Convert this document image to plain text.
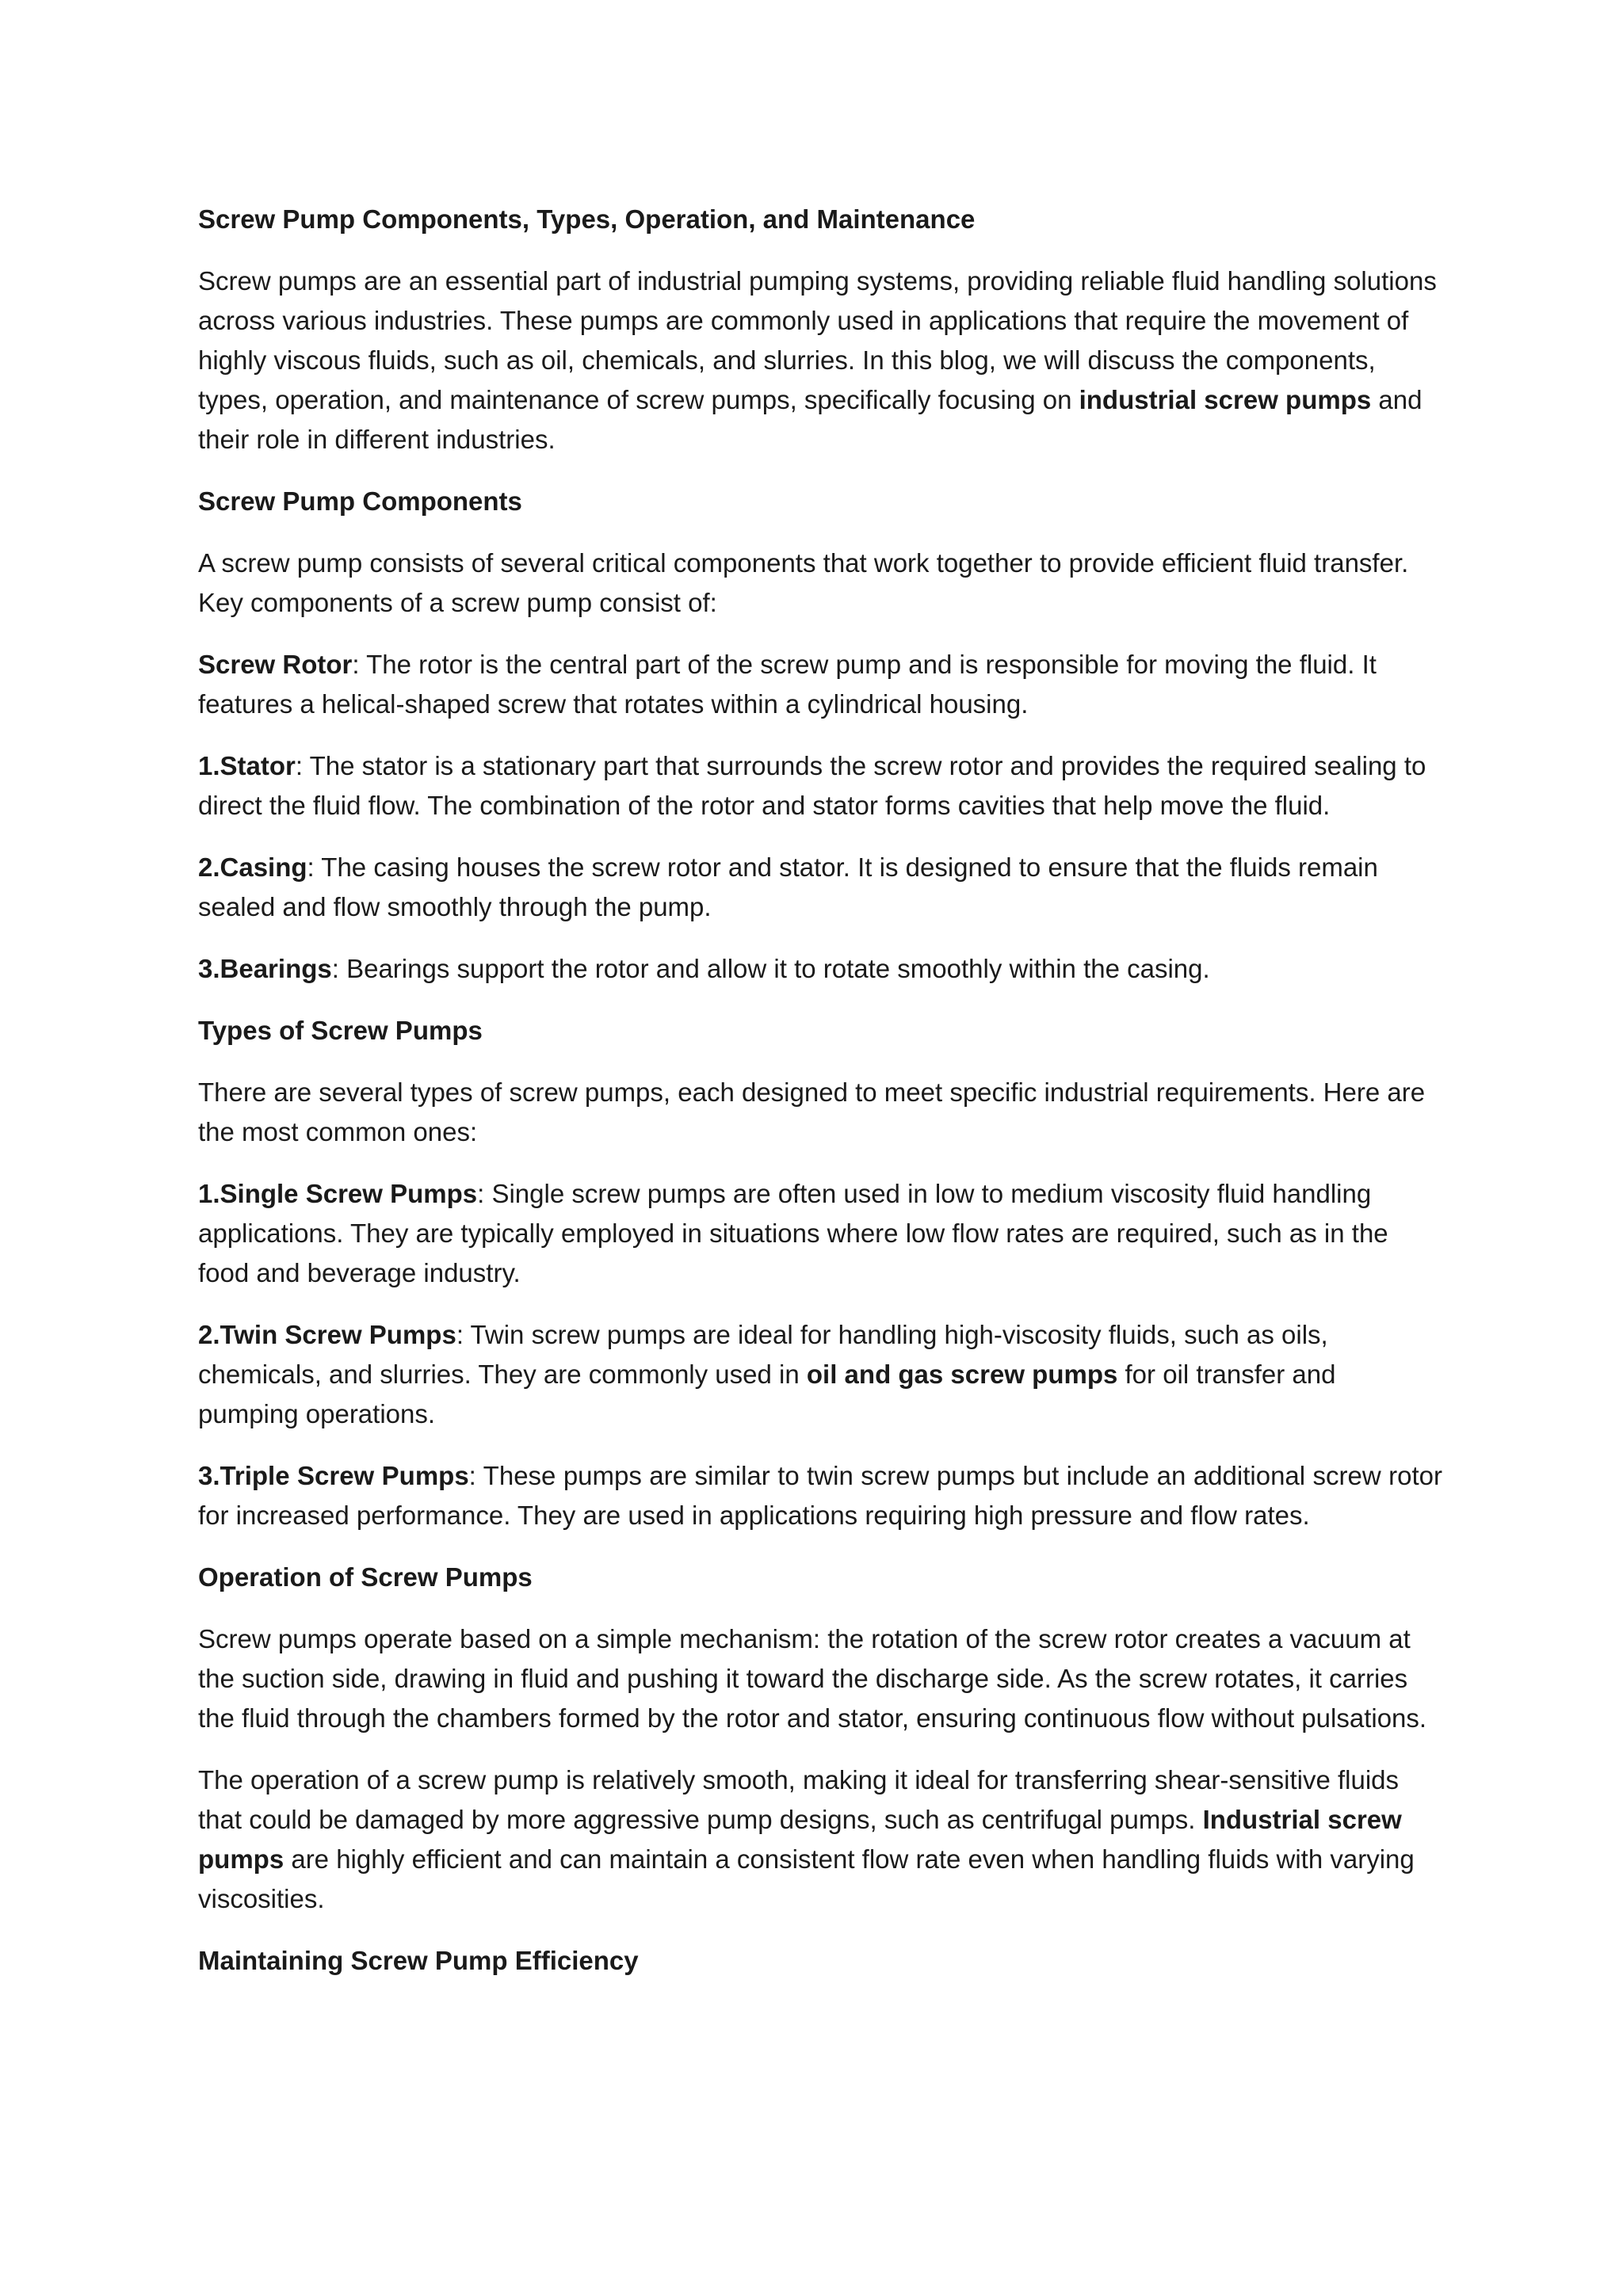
Screw Pump Components, Types, Operation, and Maintenance

Screw pumps are an essential part of industrial pumping systems, providing reliable fluid handling solutions across various industries. These pumps are commonly used in applications that require the movement of highly viscous fluids, such as oil, chemicals, and slurries. In this blog, we will discuss the components, types, operation, and maintenance of screw pumps, specifically focusing on industrial screw pumps and their role in different industries.

Screw Pump Components

A screw pump consists of several critical components that work together to provide efficient fluid transfer. Key components of a screw pump consist of:

Screw Rotor: The rotor is the central part of the screw pump and is responsible for moving the fluid. It features a helical-shaped screw that rotates within a cylindrical housing.

1.Stator: The stator is a stationary part that surrounds the screw rotor and provides the required sealing to direct the fluid flow. The combination of the rotor and stator forms cavities that help move the fluid.

2.Casing: The casing houses the screw rotor and stator. It is designed to ensure that the fluids remain sealed and flow smoothly through the pump.

3.Bearings: Bearings support the rotor and allow it to rotate smoothly within the casing.

Types of Screw Pumps

There are several types of screw pumps, each designed to meet specific industrial requirements. Here are the most common ones:

1.Single Screw Pumps: Single screw pumps are often used in low to medium viscosity fluid handling applications. They are typically employed in situations where low flow rates are required, such as in the food and beverage industry.

2.Twin Screw Pumps: Twin screw pumps are ideal for handling high-viscosity fluids, such as oils, chemicals, and slurries. They are commonly used in oil and gas screw pumps for oil transfer and pumping operations.

3.Triple Screw Pumps: These pumps are similar to twin screw pumps but include an additional screw rotor for increased performance. They are used in applications requiring high pressure and flow rates.

Operation of Screw Pumps

Screw pumps operate based on a simple mechanism: the rotation of the screw rotor creates a vacuum at the suction side, drawing in fluid and pushing it toward the discharge side. As the screw rotates, it carries the fluid through the chambers formed by the rotor and stator, ensuring continuous flow without pulsations.

The operation of a screw pump is relatively smooth, making it ideal for transferring shear-sensitive fluids that could be damaged by more aggressive pump designs, such as centrifugal pumps. Industrial screw pumps are highly efficient and can maintain a consistent flow rate even when handling fluids with varying viscosities.

Maintaining Screw Pump Efficiency
